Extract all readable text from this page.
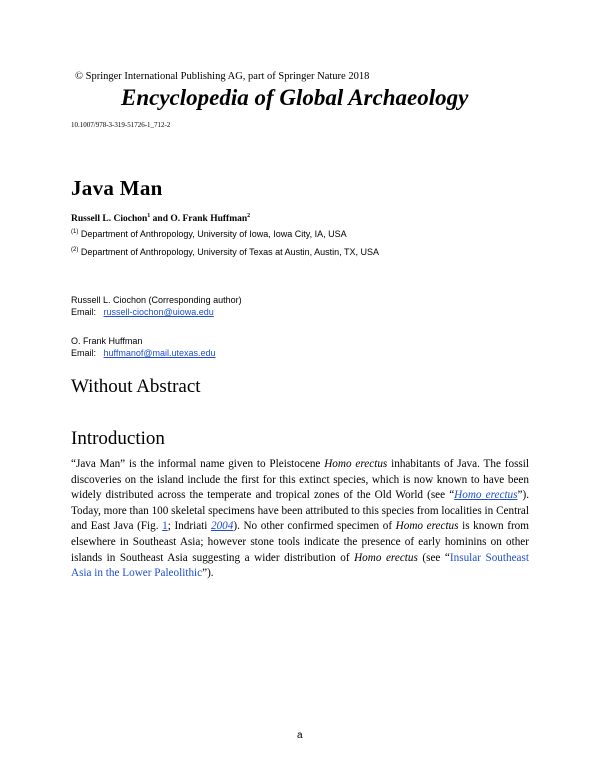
© Springer International Publishing AG, part of Springer Nature 2018
Encyclopedia of Global Archaeology
10.1007/978-3-319-51726-1_712-2
Java Man
Russell L. Ciochon$^1$ and O. Frank Huffman$^2$
$^{(1)}$ Department of Anthropology, University of Iowa, Iowa City, IA, USA
$^{(2)}$ Department of Anthropology, University of Texas at Austin, Austin, TX, USA
Russell L. Ciochon (Corresponding author)
Email: russell-ciochon@uiowa.edu
O. Frank Huffman
Email: huffmanof@mail.utexas.edu
Without Abstract
Introduction
“Java Man” is the informal name given to Pleistocene Homo erectus inhabitants of Java. The fossil discoveries on the island include the first for this extinct species, which is now known to have been widely distributed across the temperate and tropical zones of the Old World (see “Homo erectus”). Today, more than 100 skeletal specimens have been attributed to this species from localities in Central and East Java (Fig. 1; Indriati 2004). No other confirmed specimen of Homo erectus is known from elsewhere in Southeast Asia; however stone tools indicate the presence of early hominins on other islands in Southeast Asia suggesting a wider distribution of Homo erectus (see “Insular Southeast Asia in the Lower Paleolithic”).
a
